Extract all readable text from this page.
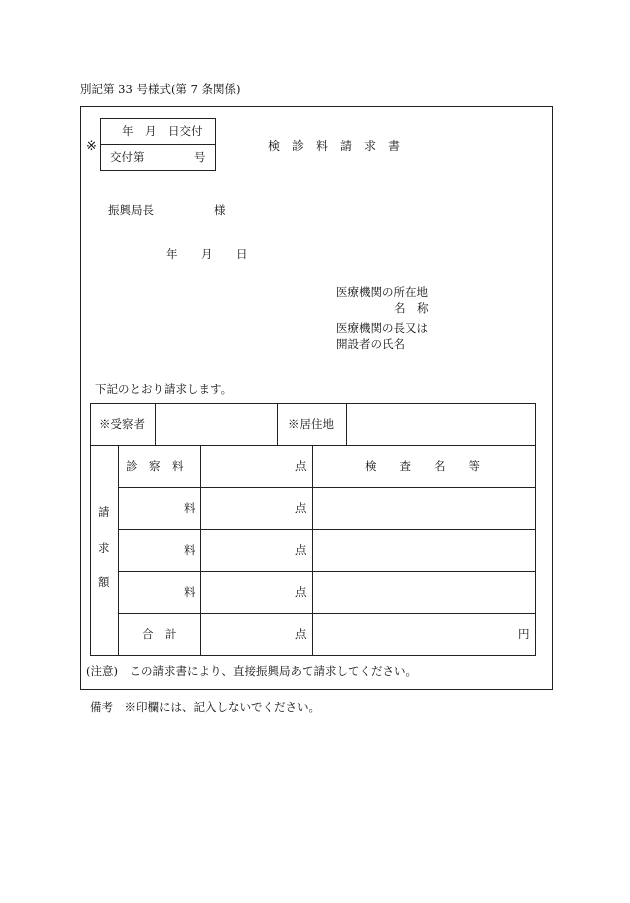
別記第 33 号様式(第 7 条関係)
※
年　月　日交付
交付第	号
検 診 料 請 求 書
振興局長	様
年 月 日
医療機関の所在地
名　称
医療機関の長又は
開設者の氏名
下記のとおり請求します。
※受察者	※居住地
請
求
額
診　察　料	点	検　　査　　名　　等
料	点
料	点
料	点
合　計	点	円
(注意)　この請求書により、直接振興局あて請求してください。
備考　※印欄には、記入しないでください。
